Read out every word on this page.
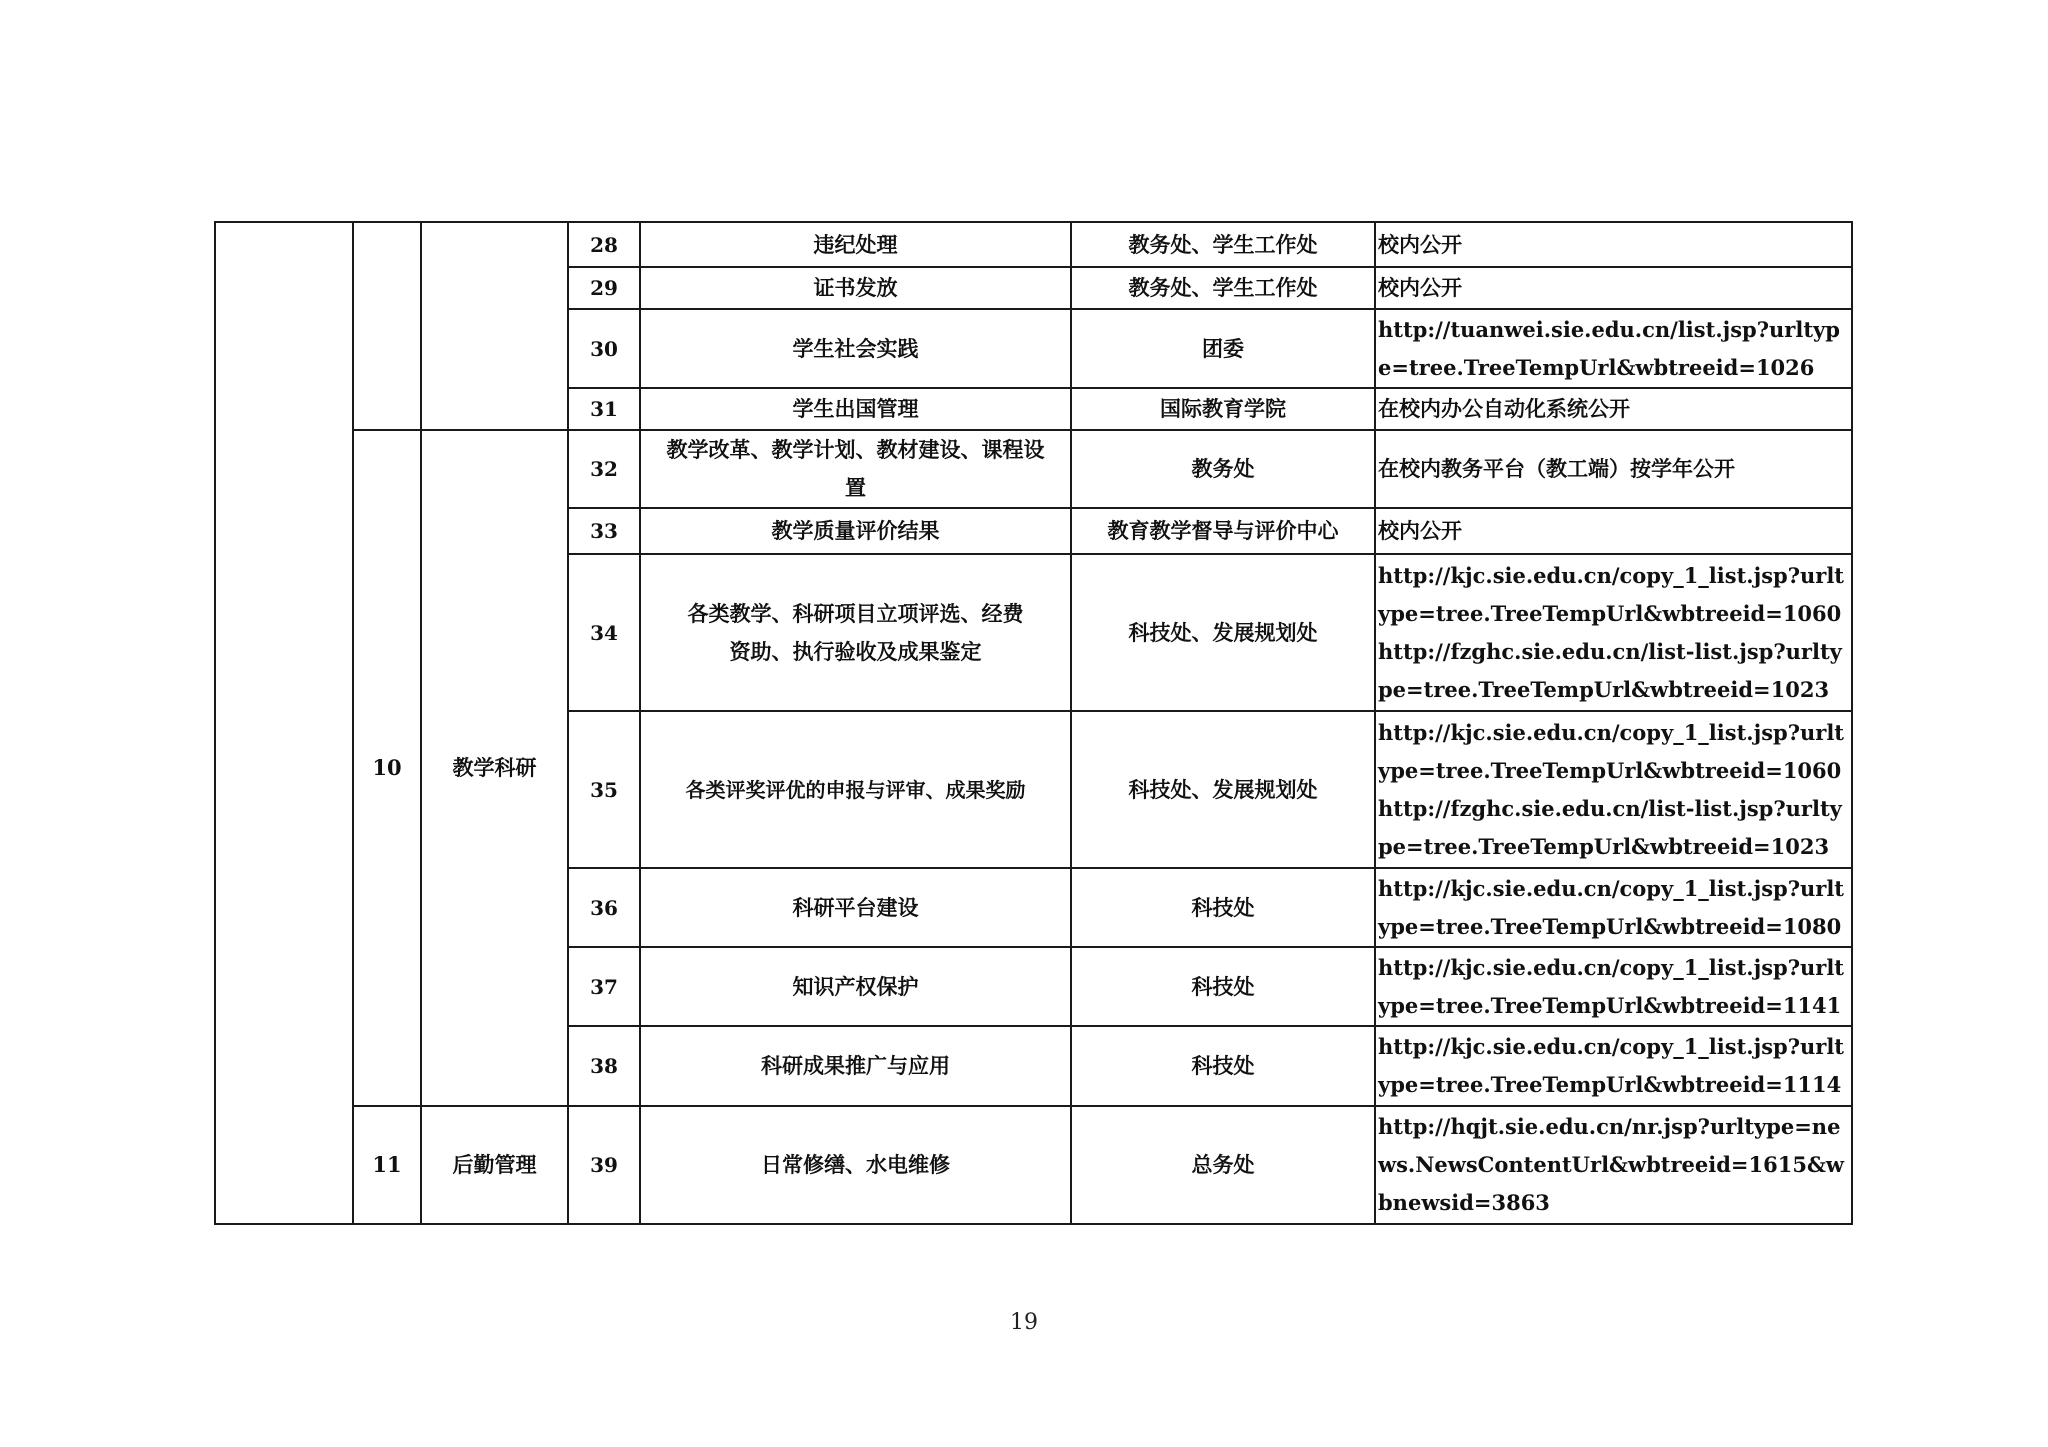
			28	违纪处理	教务处、学生工作处	校内公开
			29	证书发放	教务处、学生工作处	校内公开
			30	学生社会实践	团委	http://tuanwei.sie.edu.cn/list.jsp?urltype=tree.TreeTempUrl&wbtreeid=1026
			31	学生出国管理	国际教育学院	在校内办公自动化系统公开
	10	教学科研	32	教学改革、教学计划、教材建设、课程设置	教务处	在校内教务平台（教工端）按学年公开
			33	教学质量评价结果	教育教学督导与评价中心	校内公开
			34	各类教学、科研项目立项评选、经费资助、执行验收及成果鉴定	科技处、发展规划处	http://kjc.sie.edu.cn/copy_1_list.jsp?urltype=tree.TreeTempUrl&wbtreeid=1060 http://fzghc.sie.edu.cn/list-list.jsp?urltype=tree.TreeTempUrl&wbtreeid=1023
			35	各类评奖评优的申报与评审、成果奖励	科技处、发展规划处	http://kjc.sie.edu.cn/copy_1_list.jsp?urltype=tree.TreeTempUrl&wbtreeid=1060 http://fzghc.sie.edu.cn/list-list.jsp?urltype=tree.TreeTempUrl&wbtreeid=1023
			36	科研平台建设	科技处	http://kjc.sie.edu.cn/copy_1_list.jsp?urltype=tree.TreeTempUrl&wbtreeid=1080
			37	知识产权保护	科技处	http://kjc.sie.edu.cn/copy_1_list.jsp?urltype=tree.TreeTempUrl&wbtreeid=1141
			38	科研成果推广与应用	科技处	http://kjc.sie.edu.cn/copy_1_list.jsp?urltype=tree.TreeTempUrl&wbtreeid=1114
	11	后勤管理	39	日常修缮、水电维修	总务处	http://hqjt.sie.edu.cn/nr.jsp?urltype=news.NewsContentUrl&wbtreeid=1615&wbnewsid=3863
19
